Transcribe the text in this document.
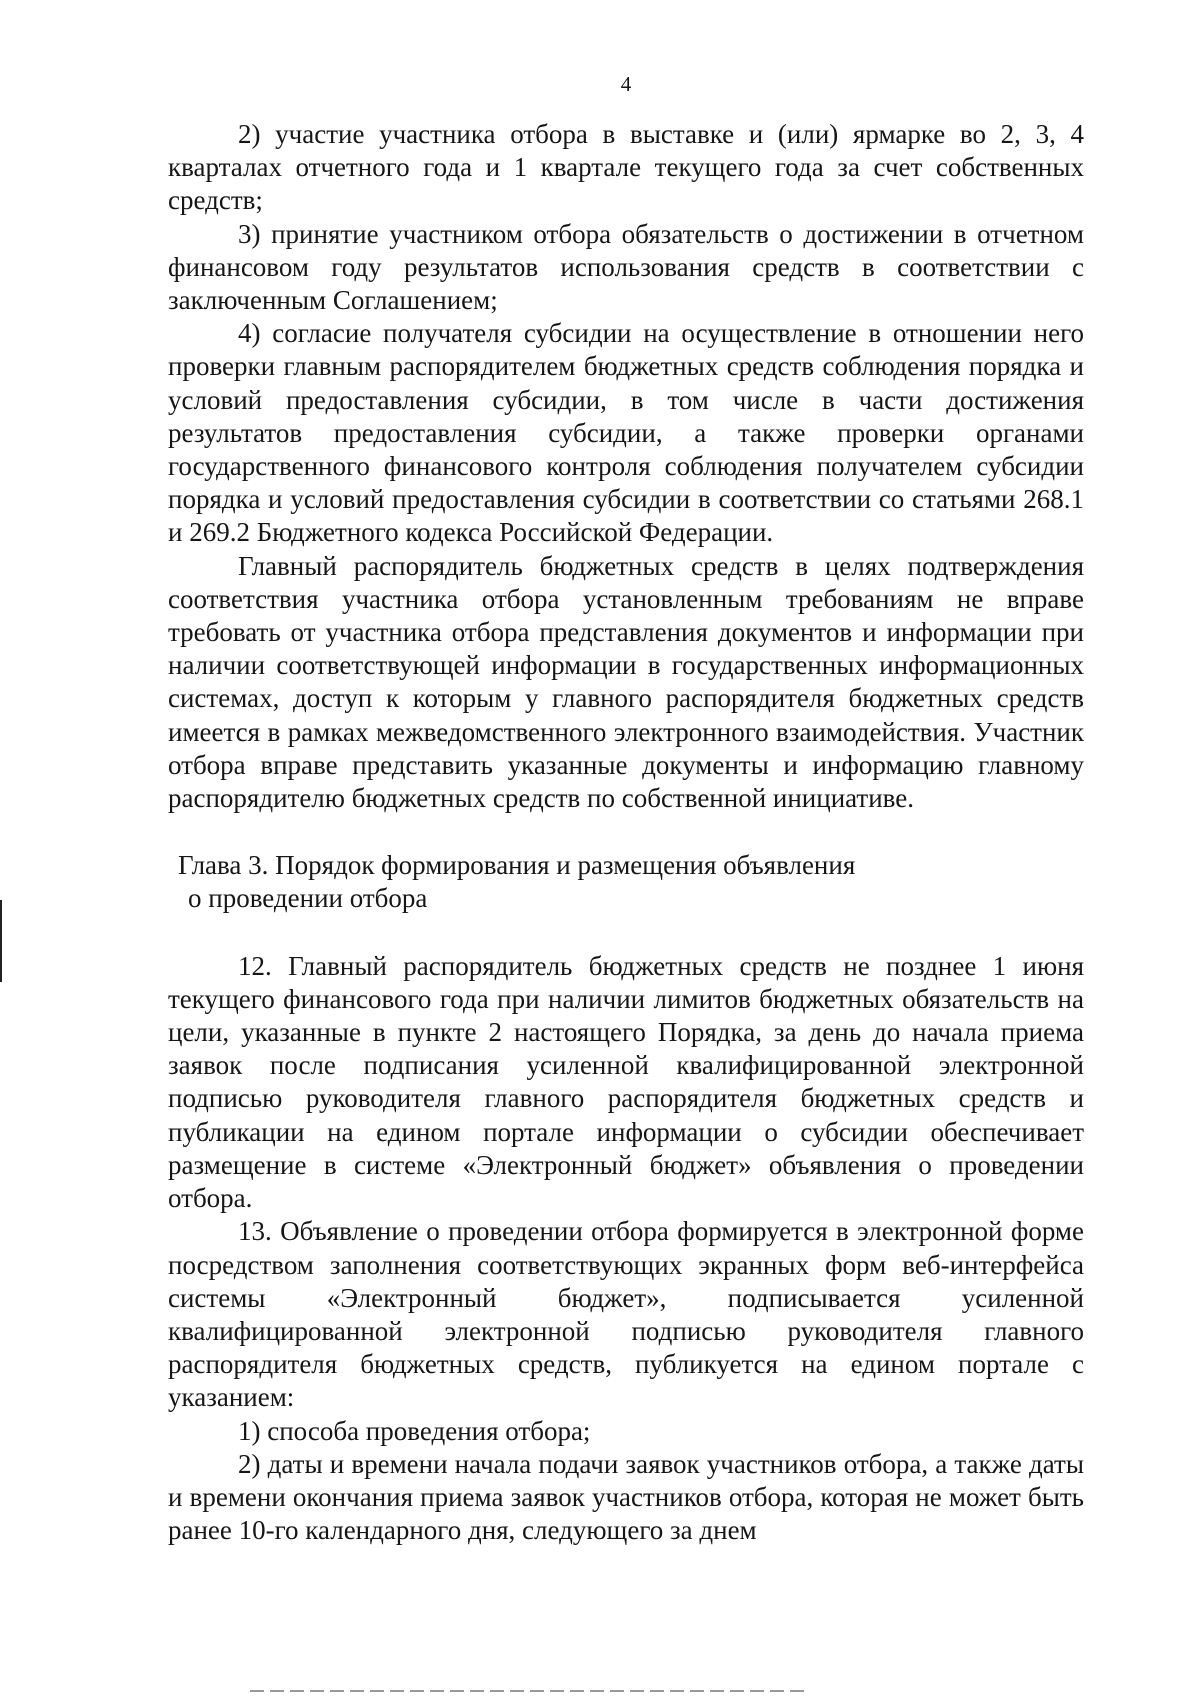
4

2) участие участника отбора в выставке и (или) ярмарке во 2, 3, 4 кварталах отчетного года и 1 квартале текущего года за счет собственных средств;

3) принятие участником отбора обязательств о достижении в отчетном финансовом году результатов использования средств в соответствии с заключенным Соглашением;

4) согласие получателя субсидии на осуществление в отношении него проверки главным распорядителем бюджетных средств соблюдения порядка и условий предоставления субсидии, в том числе в части достижения результатов предоставления субсидии, а также проверки органами государственного финансового контроля соблюдения получателем субсидии порядка и условий предоставления субсидии в соответствии со статьями 268.1 и 269.2 Бюджетного кодекса Российской Федерации.

Главный распорядитель бюджетных средств в целях подтверждения соответствия участника отбора установленным требованиям не вправе требовать от участника отбора представления документов и информации при наличии соответствующей информации в государственных информационных системах, доступ к которым у главного распорядителя бюджетных средств имеется в рамках межведомственного электронного взаимодействия. Участник отбора вправе представить указанные документы и информацию главному распорядителю бюджетных средств по собственной инициативе.

Глава 3. Порядок формирования и размещения объявления
о проведении отбора

12. Главный распорядитель бюджетных средств не позднее 1 июня текущего финансового года при наличии лимитов бюджетных обязательств на цели, указанные в пункте 2 настоящего Порядка, за день до начала приема заявок после подписания усиленной квалифицированной электронной подписью руководителя главного распорядителя бюджетных средств и публикации на едином портале информации о субсидии обеспечивает размещение в системе «Электронный бюджет» объявления о проведении отбора.

13. Объявление о проведении отбора формируется в электронной форме посредством заполнения соответствующих экранных форм веб-интерфейса системы «Электронный бюджет», подписывается усиленной квалифицированной электронной подписью руководителя главного распорядителя бюджетных средств, публикуется на едином портале с указанием:

1) способа проведения отбора;

2) даты и времени начала подачи заявок участников отбора, а также даты и времени окончания приема заявок участников отбора, которая не может быть ранее 10-го календарного дня, следующего за днем
